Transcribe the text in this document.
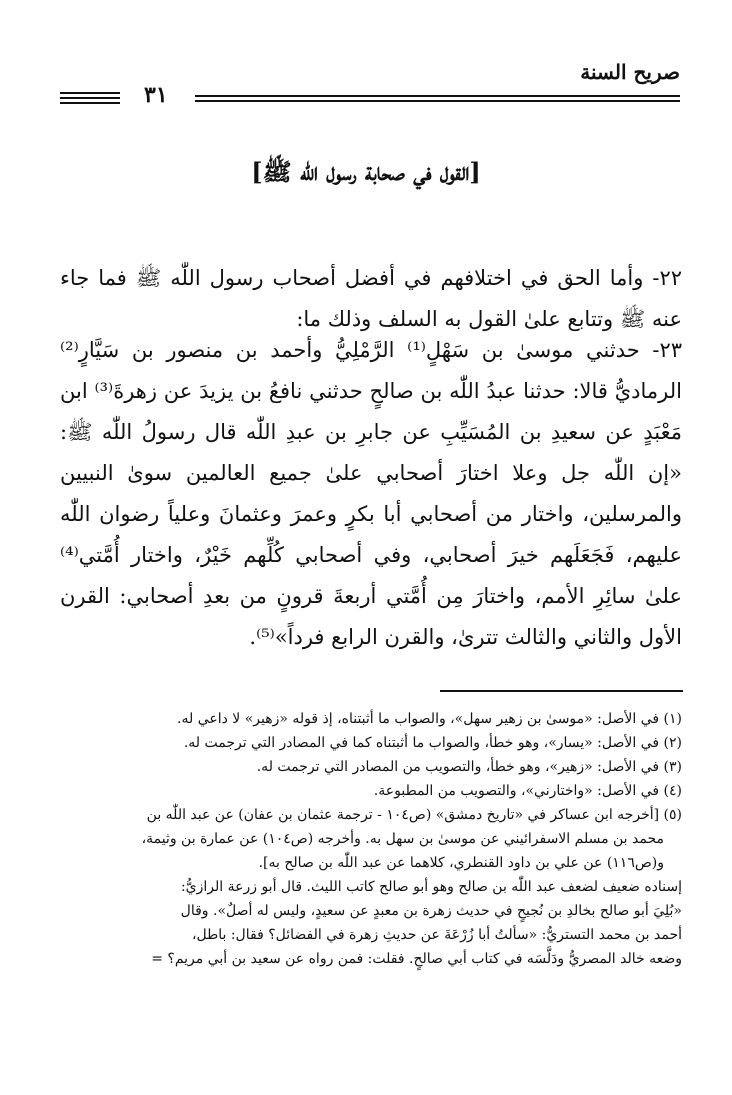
صريح السنة
٣١
[القول في صحابة رسول الله ﷺ]

٢٢- وأما الحق في اختلافهم في أفضل أصحاب رسول اللّٰه ﷺ فما جاء عنه ﷺ وتتابع علىٰ القول به السلف وذلك ما:

٢٣- حدثني موسىٰ بن سَهْلٍ⁽¹⁾ الرَّمْلِيُّ وأحمد بن منصور بن سَيَّارٍ⁽²⁾ الرماديُّ قالا: حدثنا عبدُ اللّٰه بن صالحٍ حدثني نافعُ بن يزيدَ عن زهرةَ⁽³⁾ ابن مَعْبَدٍ عن سعيدِ بن المُسَيِّبِ عن جابرِ بن عبدِ اللّٰه قال رسولُ اللّٰه ﷺ: «إن اللّٰه جل وعلا اختارَ أصحابي علىٰ جميع العالمين سوىٰ النبيين والمرسلين، واختار من أصحابي أبا بكرٍ وعمرَ وعثمانَ وعلياً رضوان اللّٰه عليهم، فَجَعَلَهم خيرَ أصحابي، وفي أصحابي كُلِّهم خَيْرٌ، واختار أُمَّتي⁽⁴⁾ علىٰ سائِرِ الأمم، واختارَ مِن أُمَّتي أربعةَ قرونٍ من بعدِ أصحابي: القرن الأول والثاني والثالث تترىٰ، والقرن الرابع فرداً»⁽⁵⁾.

(١) في الأصل: «موسىٰ بن زهير سهل»، والصواب ما أثبتناه، إذ قوله «زهير» لا داعي له.

(٢) في الأصل: «يسار»، وهو خطأ، والصواب ما أثبتناه كما في المصادر التي ترجمت له.

(٣) في الأصل: «زهير»، وهو خطأ، والتصويب من المصادر التي ترجمت له.

(٤) في الأصل: «واختارني»، والتصويب من المطبوعة.

(٥) [أخرجه ابن عساكر في «تاريخ دمشق» (ص١٠٤ - ترجمة عثمان بن عفان) عن عبد اللّٰه بن

محمد بن مسلم الاسفرائيني عن موسىٰ بن سهل به. وأخرجه (ص١٠٤) عن عمارة بن وثيمة،

و(ص١١٦) عن علي بن داود القنطري، كلاهما عن عبد اللّٰه بن صالح به].

إسناده ضعيف لضعف عبد اللّٰه بن صالح وهو أبو صالح كاتب الليث. قال أبو زرعة الرازيُّ:

«بُلِيَ أبو صالح بخالدِ بن نُجيحٍ في حديث زهرة بن معبدٍ عن سعيدٍ، وليس له أصلٌ». وقال

أحمد بن محمد التستريُّ: «سألتُ أبا زُرْعَةَ عن حديثِ زهرة في الفضائل؟ فقال: باطل،

وضعه خالد المصريُّ ودَلَّسَه في كتاب أبي صالحٍ. فقلت: فمن رواه عن سعيد بن أبي مريم؟ =
